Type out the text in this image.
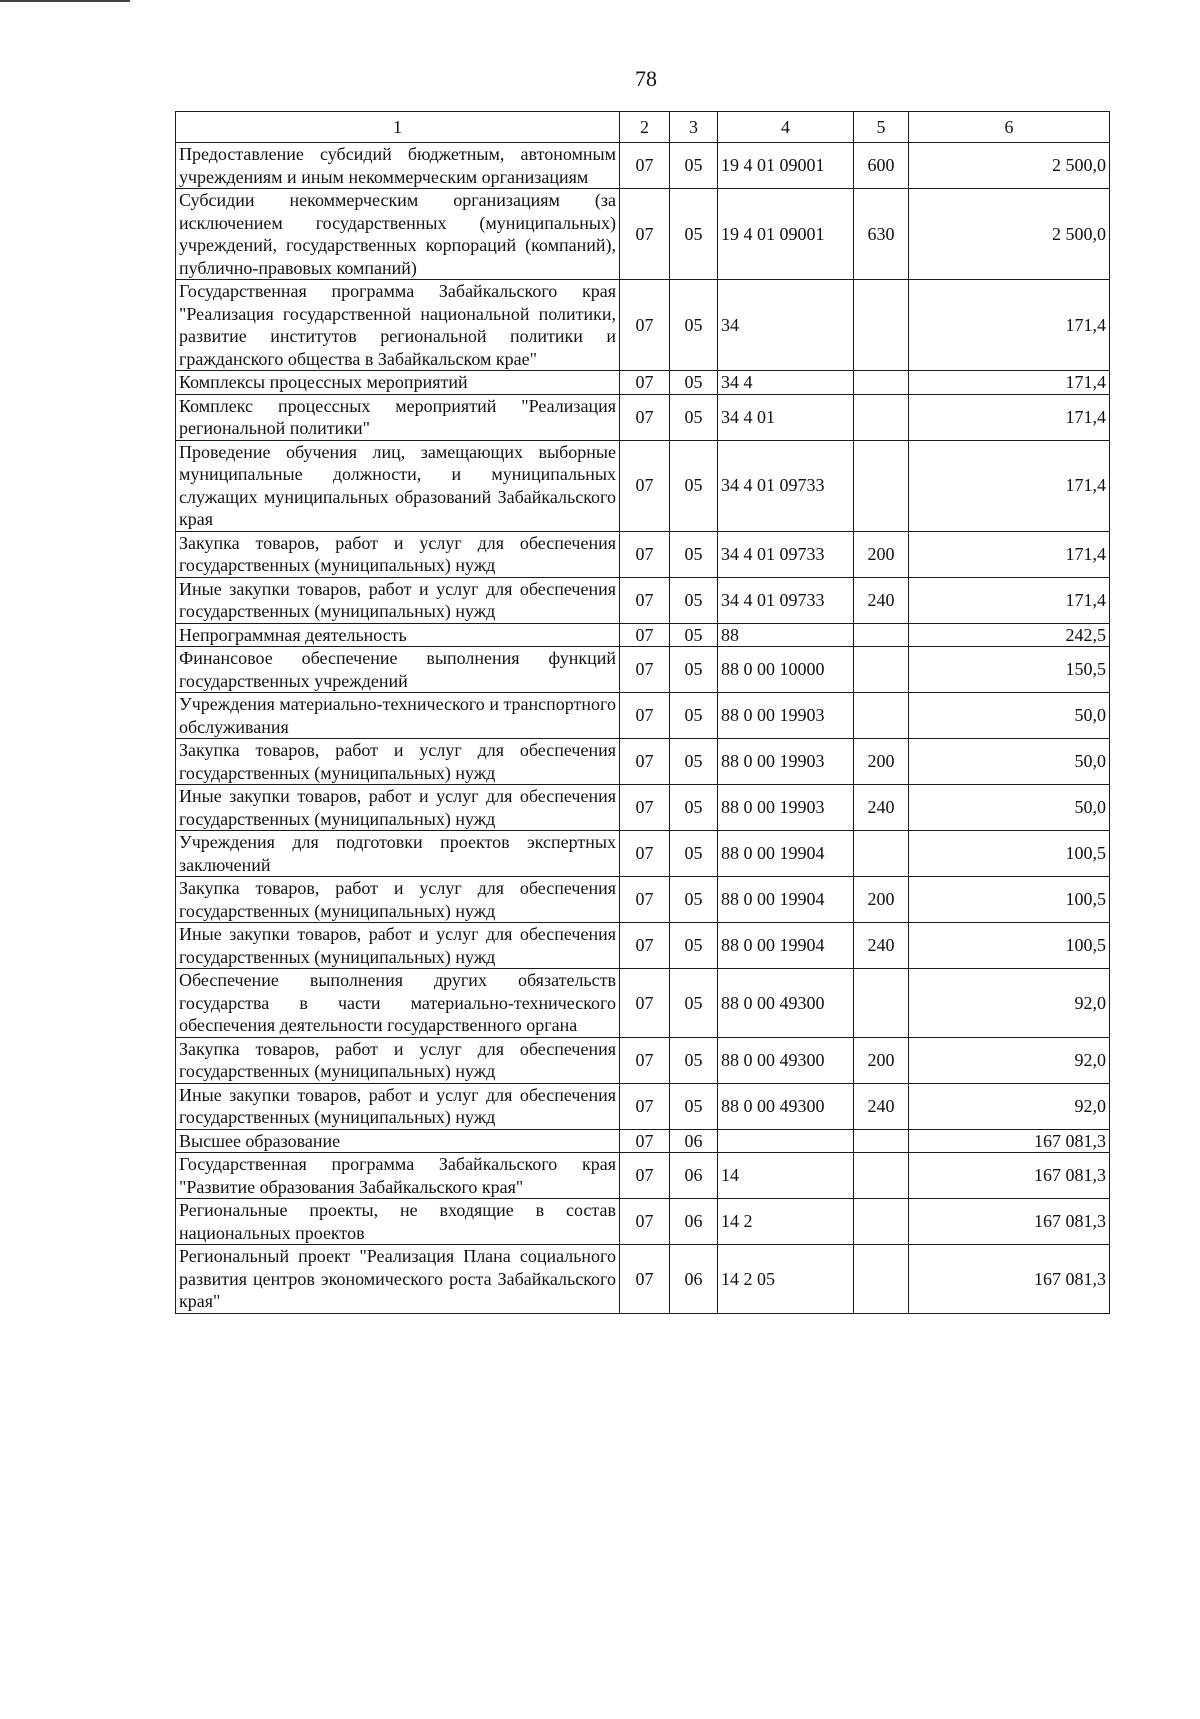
78
1	2	3	4	5	6
Предоставление субсидий бюджетным, автономным учреждениям и иным некоммерческим организациям	07	05	19 4 01 09001	600	2 500,0
Субсидии некоммерческим организациям (за исключением государственных (муниципальных) учреждений, государственных корпораций (компаний), публично-правовых компаний)	07	05	19 4 01 09001	630	2 500,0
Государственная программа Забайкальского края "Реализация государственной национальной политики, развитие институтов региональной политики и гражданского общества в Забайкальском крае"	07	05	34		171,4
Комплексы процессных мероприятий	07	05	34 4		171,4
Комплекс процессных мероприятий "Реализация региональной политики"	07	05	34 4 01		171,4
Проведение обучения лиц, замещающих выборные муниципальные должности, и муниципальных служащих муниципальных образований Забайкальского края	07	05	34 4 01 09733		171,4
Закупка товаров, работ и услуг для обеспечения государственных (муниципальных) нужд	07	05	34 4 01 09733	200	171,4
Иные закупки товаров, работ и услуг для обеспечения государственных (муниципальных) нужд	07	05	34 4 01 09733	240	171,4
Непрограммная деятельность	07	05	88		242,5
Финансовое обеспечение выполнения функций государственных учреждений	07	05	88 0 00 10000		150,5
Учреждения материально-технического и транспортного обслуживания	07	05	88 0 00 19903		50,0
Закупка товаров, работ и услуг для обеспечения государственных (муниципальных) нужд	07	05	88 0 00 19903	200	50,0
Иные закупки товаров, работ и услуг для обеспечения государственных (муниципальных) нужд	07	05	88 0 00 19903	240	50,0
Учреждения для подготовки проектов экспертных заключений	07	05	88 0 00 19904		100,5
Закупка товаров, работ и услуг для обеспечения государственных (муниципальных) нужд	07	05	88 0 00 19904	200	100,5
Иные закупки товаров, работ и услуг для обеспечения государственных (муниципальных) нужд	07	05	88 0 00 19904	240	100,5
Обеспечение выполнения других обязательств государства в части материально-технического обеспечения деятельности государственного органа	07	05	88 0 00 49300		92,0
Закупка товаров, работ и услуг для обеспечения государственных (муниципальных) нужд	07	05	88 0 00 49300	200	92,0
Иные закупки товаров, работ и услуг для обеспечения государственных (муниципальных) нужд	07	05	88 0 00 49300	240	92,0
Высшее образование	07	06			167 081,3
Государственная программа Забайкальского края "Развитие образования Забайкальского края"	07	06	14		167 081,3
Региональные проекты, не входящие в состав национальных проектов	07	06	14 2		167 081,3
Региональный проект "Реализация Плана социального развития центров экономического роста Забайкальского края"	07	06	14 2 05		167 081,3
